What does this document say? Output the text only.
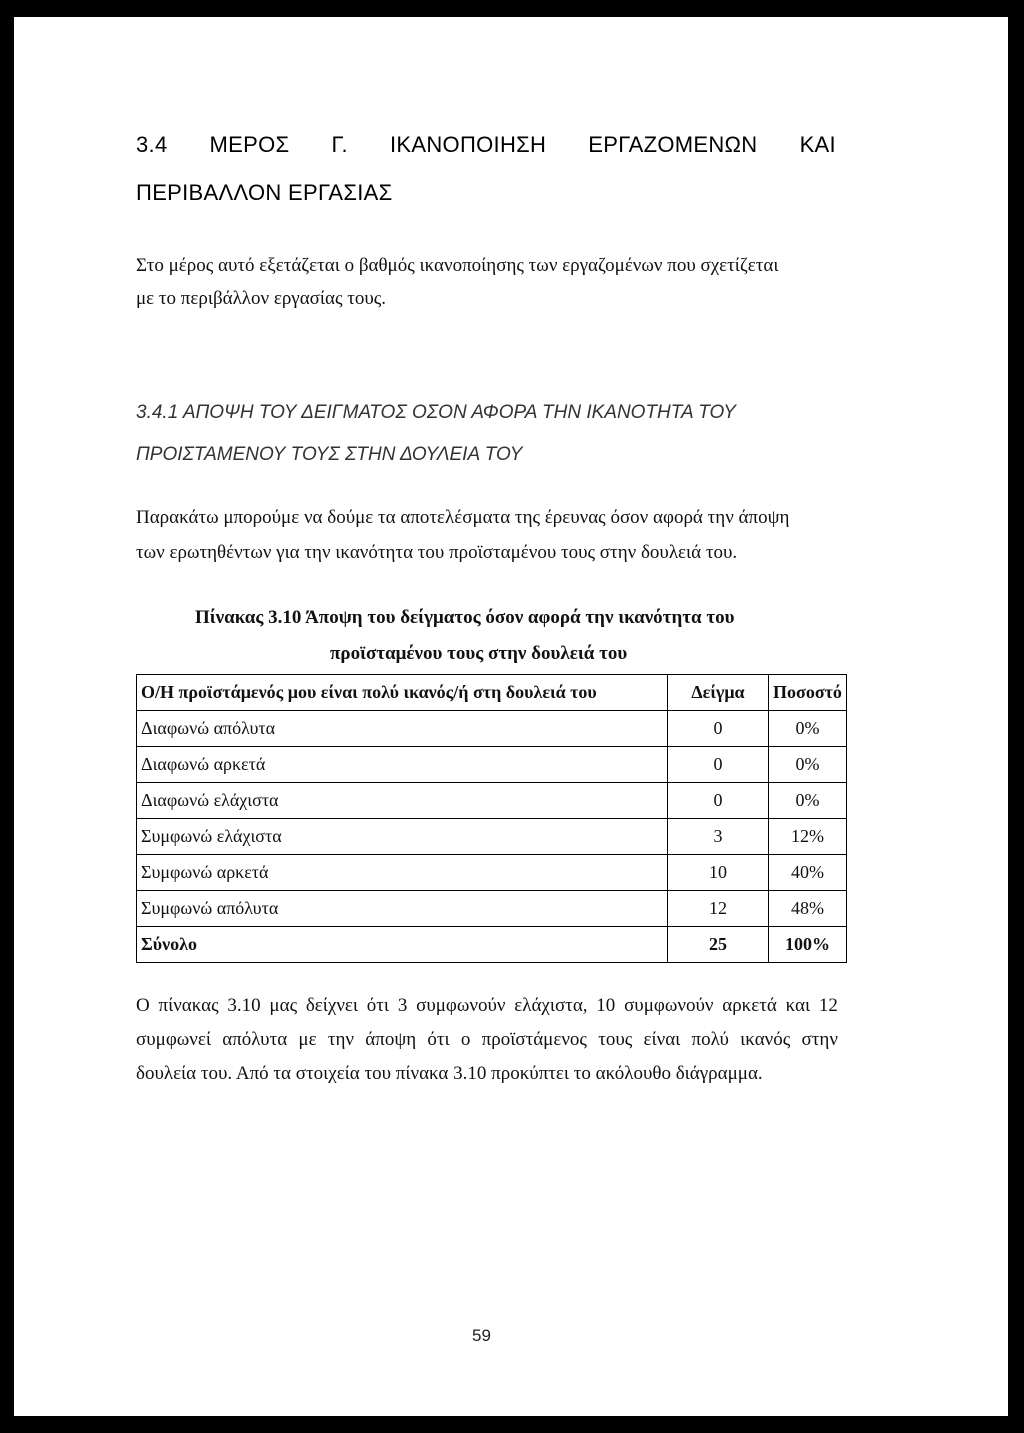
3.4 ΜΕΡΟΣ Γ. ΙΚΑΝΟΠΟΙΗΣΗ ΕΡΓΑΖΟΜΕΝΩΝ ΚΑΙ
ΠΕΡΙΒΑΛΛΟΝ ΕΡΓΑΣΙΑΣ
Στο μέρος αυτό εξετάζεται ο βαθμός ικανοποίησης των εργαζομένων που σχετίζεται
με το περιβάλλον εργασίας τους.
3.4.1 ΑΠΟΨΗ ΤΟΥ ΔΕΙΓΜΑΤΟΣ ΟΣΟΝ ΑΦΟΡΑ ΤΗΝ ΙΚΑΝΟΤΗΤΑ ΤΟΥ
ΠΡΟΙΣΤΑΜΕΝΟΥ ΤΟΥΣ ΣΤΗΝ ΔΟΥΛΕΙΑ ΤΟΥ
Παρακάτω μπορούμε να δούμε τα αποτελέσματα της έρευνας όσον αφορά την άποψη
των ερωτηθέντων για την ικανότητα του προϊσταμένου τους στην δουλειά του.
Πίνακας 3.10 Άποψη του δείγματος όσον αφορά την ικανότητα του
προϊσταμένου τους στην δουλειά του
Ο/Η προϊστάμενός μου είναι πολύ ικανός/ή στη δουλειά του	Δείγμα	Ποσοστό
Διαφωνώ απόλυτα	0	0%
Διαφωνώ αρκετά	0	0%
Διαφωνώ ελάχιστα	0	0%
Συμφωνώ ελάχιστα	3	12%
Συμφωνώ αρκετά	10	40%
Συμφωνώ απόλυτα	12	48%
Σύνολο	25	100%
Ο πίνακας 3.10 μας δείχνει ότι 3 συμφωνούν ελάχιστα, 10 συμφωνούν αρκετά και 12
συμφωνεί απόλυτα με την άποψη ότι ο προϊστάμενος τους είναι πολύ ικανός στην
δουλεία του. Από τα στοιχεία του πίνακα 3.10 προκύπτει το ακόλουθο διάγραμμα.
59
